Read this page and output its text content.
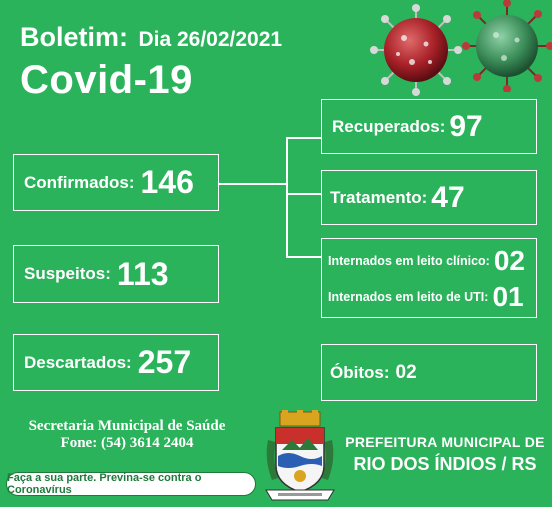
Boletim: Dia 26/02/2021
Covid-19
Confirmados: 146
Suspeitos: 113
Descartados: 257
Recuperados: 97
Tratamento: 47
Internados em leito clínico: 02
Internados em leito de UTI: 01
Óbitos: 02
Secretaria Municipal de Saúde
Fone: (54) 3614 2404
Faça a sua parte. Previna-se contra o Coronavírus
PREFEITURA MUNICIPAL DE
RIO DOS ÍNDIOS / RS
